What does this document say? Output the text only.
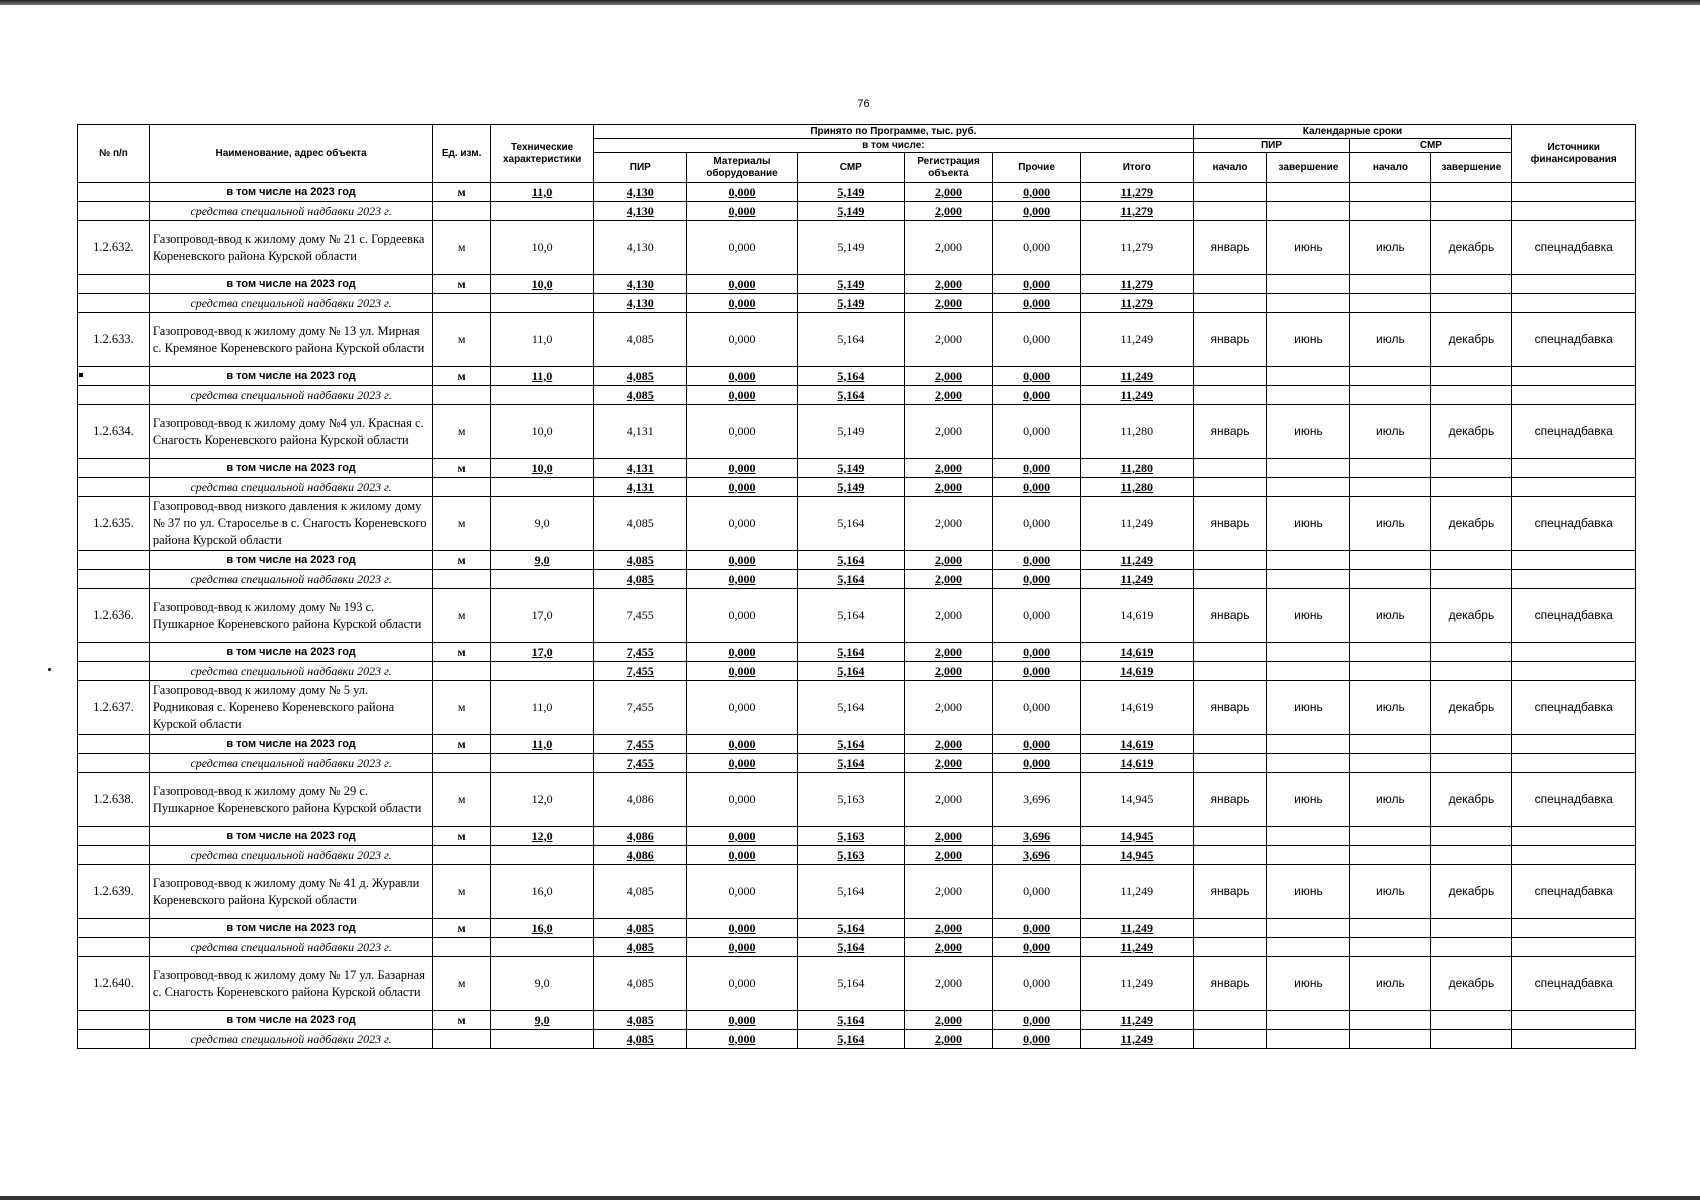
76
№ п/п	Наименование, адрес объекта	Ед. изм.	Технические характеристики	Принято по Программе, тыс. руб.						Календарные сроки				Источники финансирования
				в том числе:						ПИР		СМР		
				ПИР	Материалы оборудование	СМР	Регистрация объекта	Прочие	Итого	начало	завершение	начало	завершение	
	в том числе на 2023 год	м	11,0	4,130	0,000	5,149	2,000	0,000	11,279					
	средства специальной надбавки 2023 г.			4,130	0,000	5,149	2,000	0,000	11,279					
1.2.632.	Газопровод-ввод к жилому дому № 21 с. Гордеевка Кореневского района Курской области	м	10,0	4,130	0,000	5,149	2,000	0,000	11,279	январь	июнь	июль	декабрь	спецнадбавка
	в том числе на 2023 год	м	10,0	4,130	0,000	5,149	2,000	0,000	11,279					
	средства специальной надбавки 2023 г.			4,130	0,000	5,149	2,000	0,000	11,279					
1.2.633.	Газопровод-ввод к жилому дому № 13 ул. Мирная с. Кремяное Кореневского района Курской области	м	11,0	4,085	0,000	5,164	2,000	0,000	11,249	январь	июнь	июль	декабрь	спецнадбавка
	в том числе на 2023 год	м	11,0	4,085	0,000	5,164	2,000	0,000	11,249					
	средства специальной надбавки 2023 г.			4,085	0,000	5,164	2,000	0,000	11,249					
1.2.634.	Газопровод-ввод к жилому дому №4 ул. Красная с. Снагость Кореневского района Курской области	м	10,0	4,131	0,000	5,149	2,000	0,000	11,280	январь	июнь	июль	декабрь	спецнадбавка
	в том числе на 2023 год	м	10,0	4,131	0,000	5,149	2,000	0,000	11,280					
	средства специальной надбавки 2023 г.			4,131	0,000	5,149	2,000	0,000	11,280					
1.2.635.	Газопровод-ввод низкого давления к жилому дому № 37 по ул. Староселье в с. Снагость Кореневского района Курской области	м	9,0	4,085	0,000	5,164	2,000	0,000	11,249	январь	июнь	июль	декабрь	спецнадбавка
	в том числе на 2023 год	м	9,0	4,085	0,000	5,164	2,000	0,000	11,249					
	средства специальной надбавки 2023 г.			4,085	0,000	5,164	2,000	0,000	11,249					
1.2.636.	Газопровод-ввод к жилому дому № 193 с. Пушкарное Кореневского района Курской области	м	17,0	7,455	0,000	5,164	2,000	0,000	14,619	январь	июнь	июль	декабрь	спецнадбавка
	в том числе на 2023 год	м	17,0	7,455	0,000	5,164	2,000	0,000	14,619					
	средства специальной надбавки 2023 г.			7,455	0,000	5,164	2,000	0,000	14,619					
1.2.637.	Газопровод-ввод к жилому дому № 5 ул. Родниковая с. Коренево Кореневского района Курской области	м	11,0	7,455	0,000	5,164	2,000	0,000	14,619	январь	июнь	июль	декабрь	спецнадбавка
	в том числе на 2023 год	м	11,0	7,455	0,000	5,164	2,000	0,000	14,619					
	средства специальной надбавки 2023 г.			7,455	0,000	5,164	2,000	0,000	14,619					
1.2.638.	Газопровод-ввод к жилому дому № 29 с. Пушкарное Кореневского района Курской области	м	12,0	4,086	0,000	5,163	2,000	3,696	14,945	январь	июнь	июль	декабрь	спецнадбавка
	в том числе на 2023 год	м	12,0	4,086	0,000	5,163	2,000	3,696	14,945					
	средства специальной надбавки 2023 г.			4,086	0,000	5,163	2,000	3,696	14,945					
1.2.639.	Газопровод-ввод к жилому дому № 41 д. Журавли Кореневского района Курской области	м	16,0	4,085	0,000	5,164	2,000	0,000	11,249	январь	июнь	июль	декабрь	спецнадбавка
	в том числе на 2023 год	м	16,0	4,085	0,000	5,164	2,000	0,000	11,249					
	средства специальной надбавки 2023 г.			4,085	0,000	5,164	2,000	0,000	11,249					
1.2.640.	Газопровод-ввод к жилому дому № 17 ул. Базарная с. Снагость Кореневского района Курской области	м	9,0	4,085	0,000	5,164	2,000	0,000	11,249	январь	июнь	июль	декабрь	спецнадбавка
	в том числе на 2023 год	м	9,0	4,085	0,000	5,164	2,000	0,000	11,249					
	средства специальной надбавки 2023 г.			4,085	0,000	5,164	2,000	0,000	11,249					
